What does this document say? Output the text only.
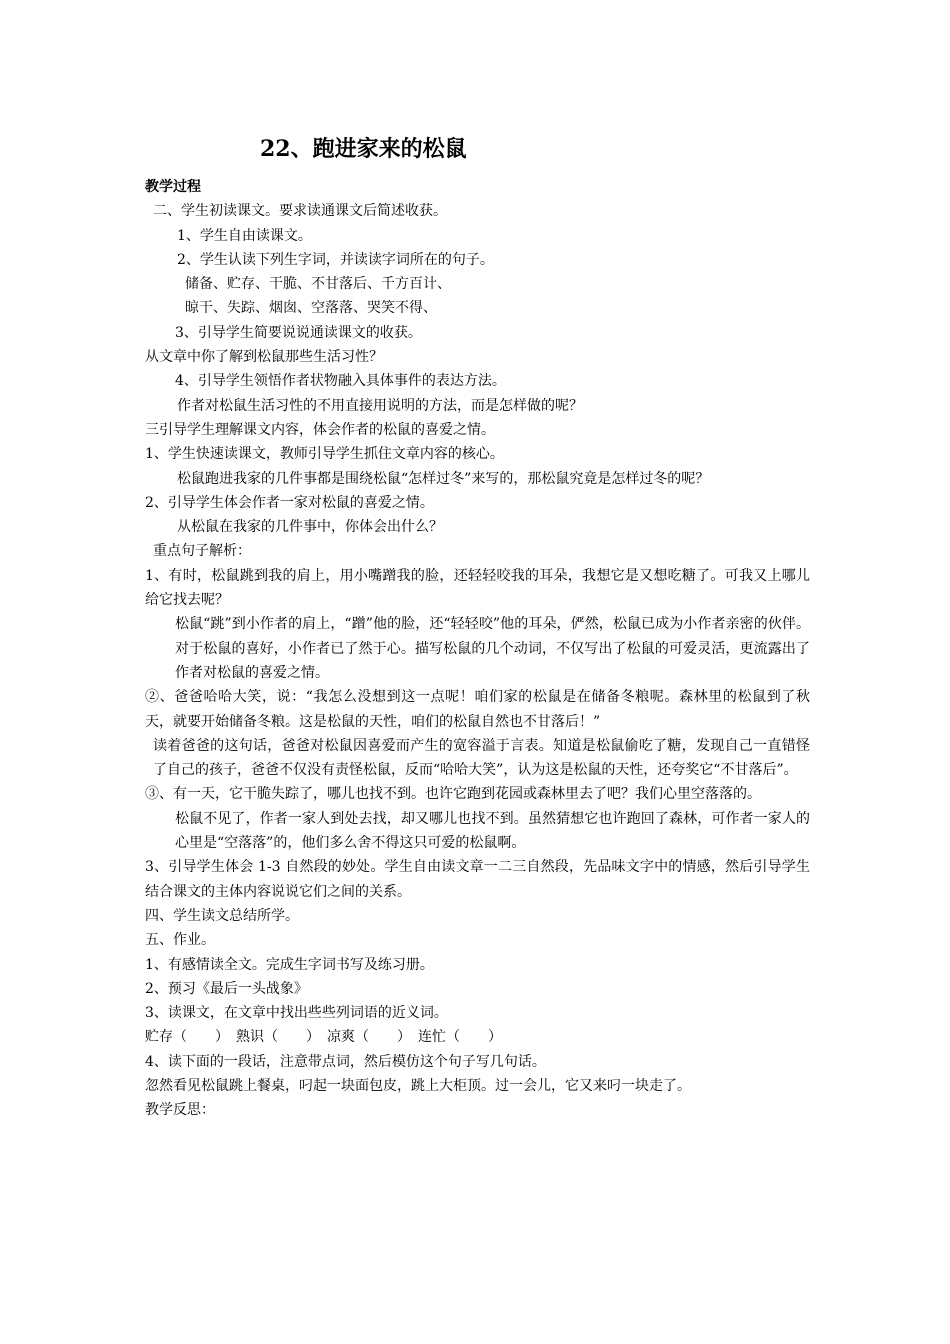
22、跑进家来的松鼠

教学过程

二、学生初读课文。要求读通课文后简述收获。

1、学生自由读课文。

2、学生认读下列生字词，并读读字词所在的句子。

储备、贮存、干脆、不甘落后、千方百计、

晾干、失踪、烟囱、空落落、哭笑不得、

3、引导学生简要说说通读课文的收获。

从文章中你了解到松鼠那些生活习性？

4、引导学生领悟作者状物融入具体事件的表达方法。

作者对松鼠生活习性的不用直接用说明的方法，而是怎样做的呢？

三引导学生理解课文内容，体会作者的松鼠的喜爱之情。

1、学生快速读课文，教师引导学生抓住文章内容的核心。

松鼠跑进我家的几件事都是围绕松鼠“怎样过冬”来写的，那松鼠究竟是怎样过冬的呢？

2、引导学生体会作者一家对松鼠的喜爱之情。

从松鼠在我家的几件事中，你体会出什么？

重点句子解析：

1、有时，松鼠跳到我的肩上，用小嘴蹭我的脸，还轻轻咬我的耳朵，我想它是又想吃糖了。可我又上哪儿给它找去呢？

松鼠“跳”到小作者的肩上，“蹭”他的脸，还“轻轻咬”他的耳朵，俨然，松鼠已成为小作者亲密的伙伴。对于松鼠的喜好，小作者已了然于心。描写松鼠的几个动词，不仅写出了松鼠的可爱灵活，更流露出了作者对松鼠的喜爱之情。

②、爸爸哈哈大笑，说：“我怎么没想到这一点呢！咱们家的松鼠是在储备冬粮呢。森林里的松鼠到了秋天，就要开始储备冬粮。这是松鼠的天性，咱们的松鼠自然也不甘落后！”

读着爸爸的这句话，爸爸对松鼠因喜爱而产生的宽容溢于言表。知道是松鼠偷吃了糖，发现自己一直错怪了自己的孩子，爸爸不仅没有责怪松鼠，反而“哈哈大笑”，认为这是松鼠的天性，还夸奖它“不甘落后”。

③、有一天，它干脆失踪了，哪儿也找不到。也许它跑到花园或森林里去了吧？我们心里空落落的。

松鼠不见了，作者一家人到处去找，却又哪儿也找不到。虽然猜想它也许跑回了森林，可作者一家人的心里是“空落落”的，他们多么舍不得这只可爱的松鼠啊。

3、引导学生体会 1-3 自然段的妙处。学生自由读文章一二三自然段，先品味文字中的情感，然后引导学生结合课文的主体内容说说它们之间的关系。

四、学生读文总结所学。

五、作业。

1、有感情读全文。完成生字词书写及练习册。

2、预习《最后一头战象》

3、读课文，在文章中找出些些列词语的近义词。

贮存（　　）　熟识（　　）　凉爽（　　）　连忙（　　）

4、读下面的一段话，注意带点词，然后模仿这个句子写几句话。

忽然看见松鼠跳上餐桌，叼起一块面包皮，跳上大柜顶。过一会儿，它又来叼一块走了。

教学反思：
